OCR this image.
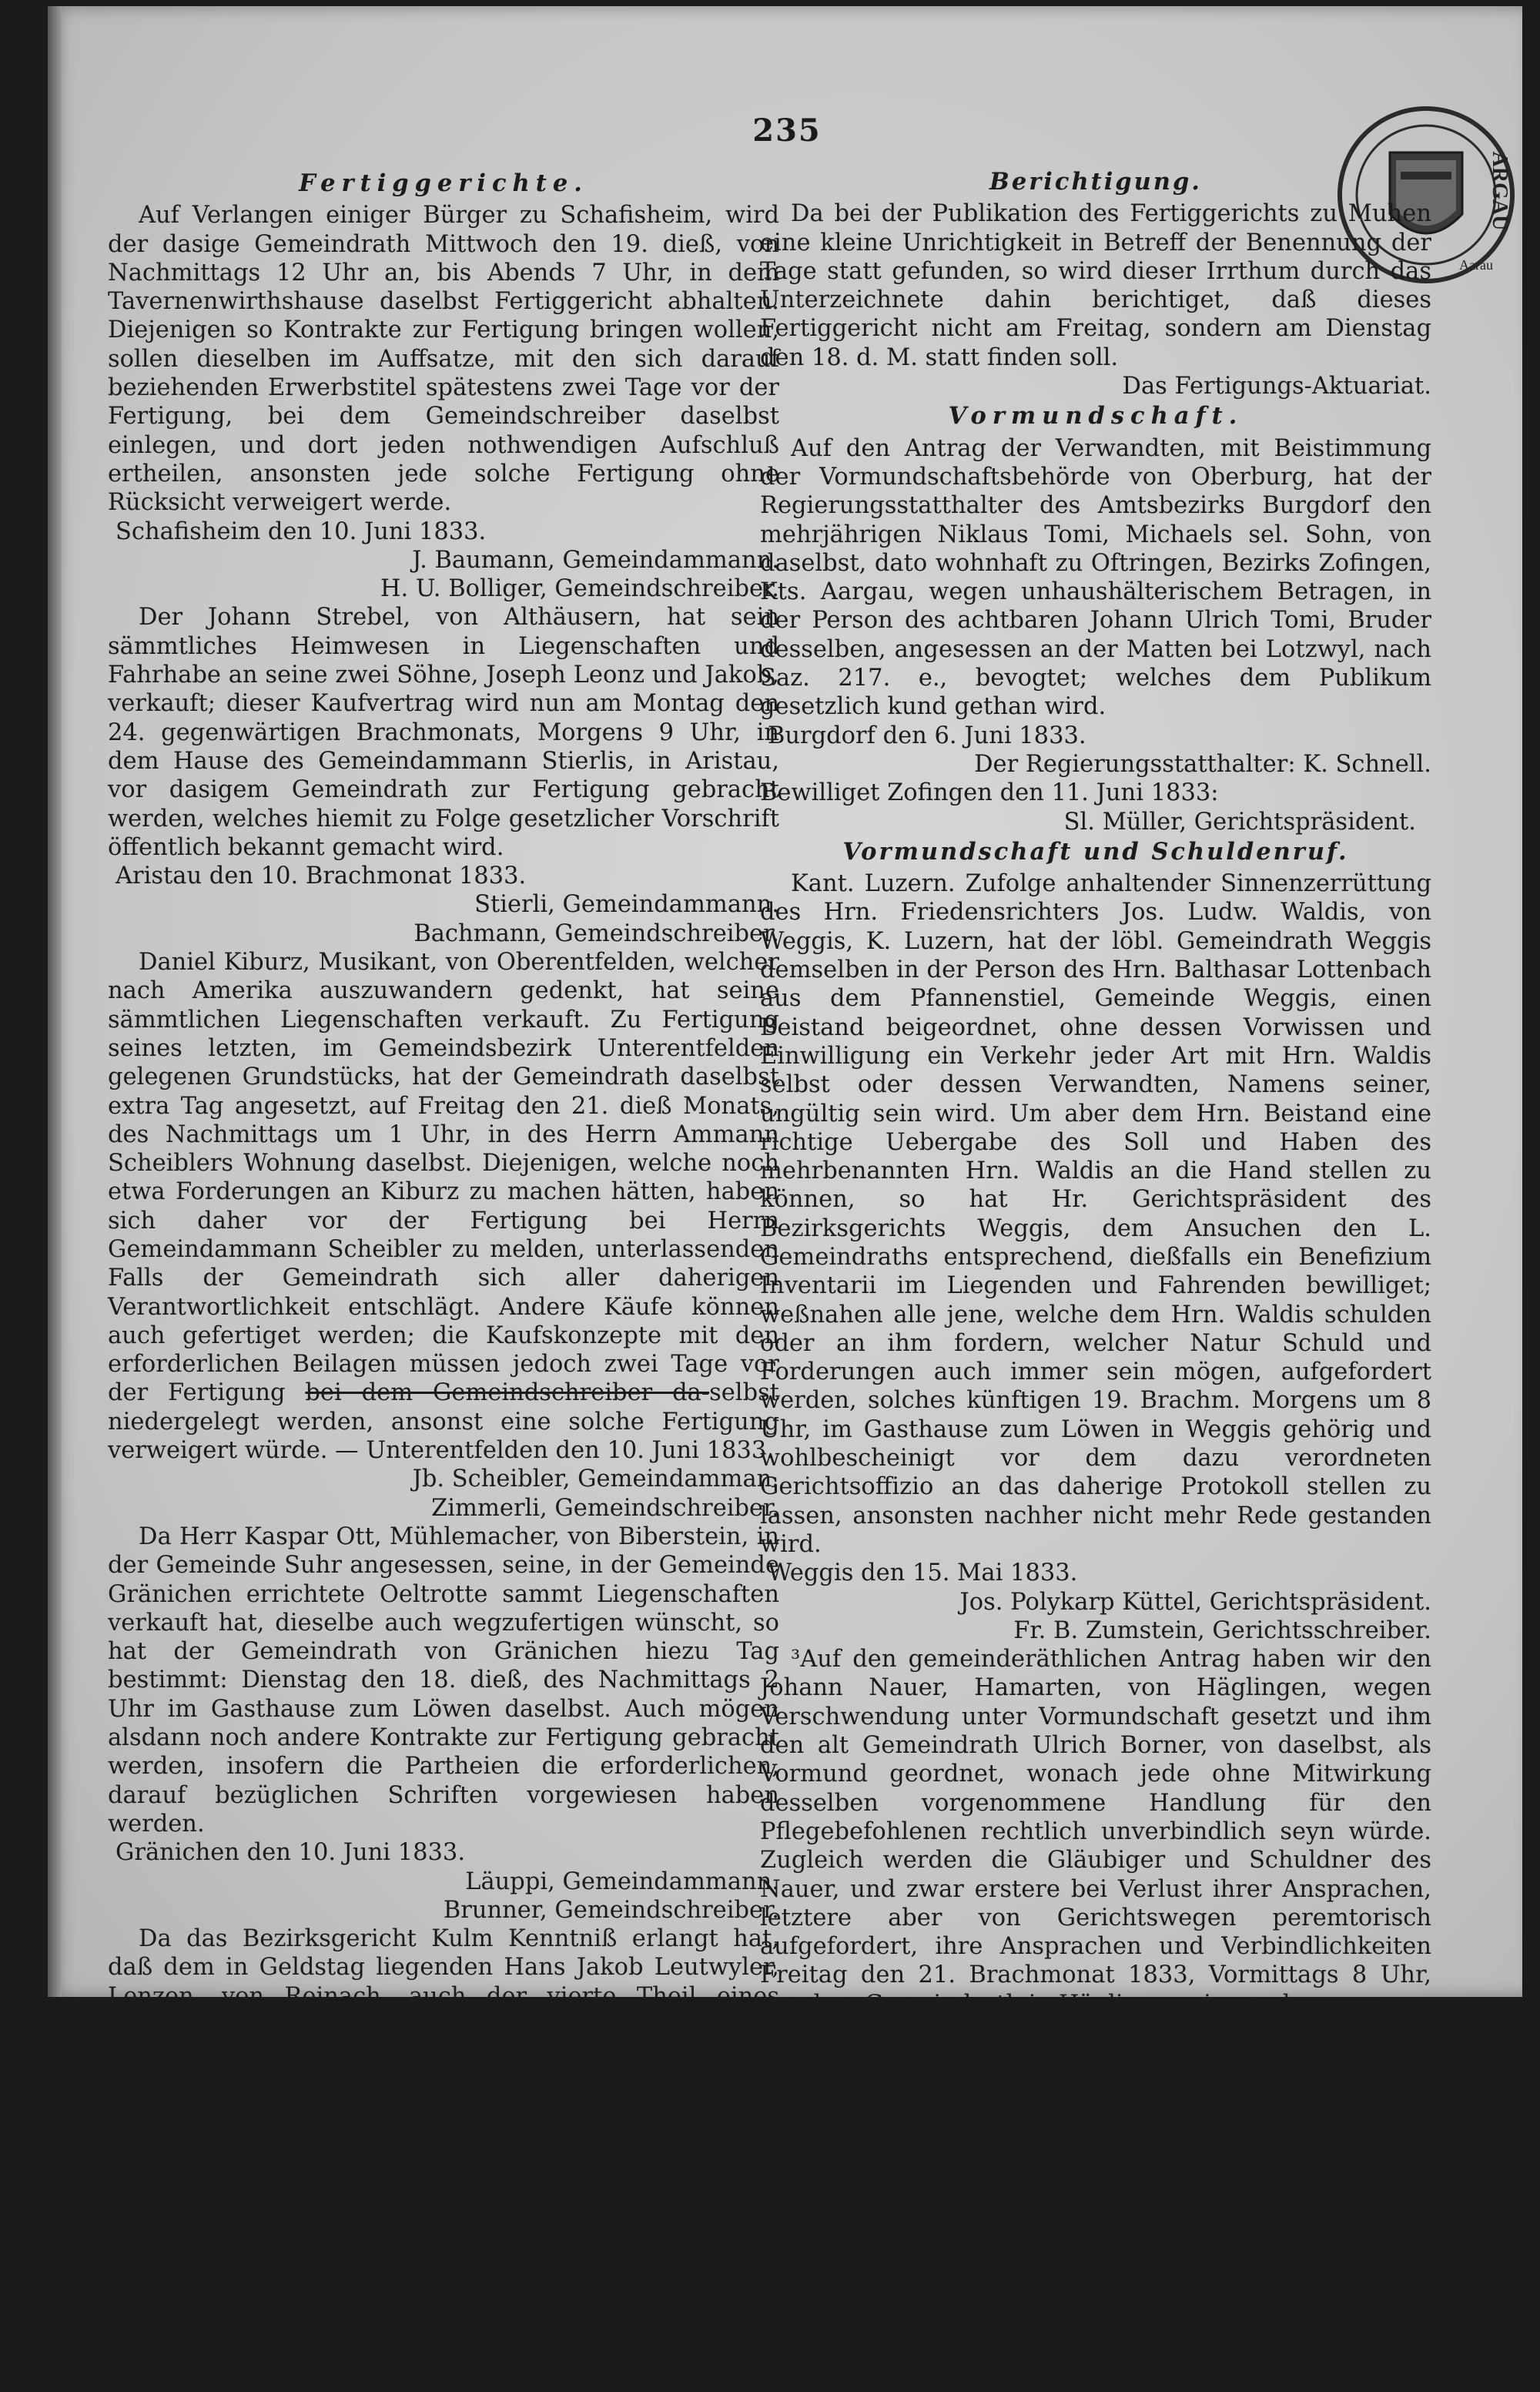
235
ARGAU
Aarau
Fertiggerichte.

Auf Verlangen einiger Bürger zu Schafisheim, wird der dasige Gemeindrath Mittwoch den 19. dieß, von Nachmittags 12 Uhr an, bis Abends 7 Uhr, in dem Tavernenwirthshause daselbst Fertiggericht abhalten. Diejenigen so Kontrakte zur Fertigung bringen wollen, sollen dieselben im Auffsatze, mit den sich darauf beziehenden Erwerbstitel spätestens zwei Tage vor der Fertigung, bei dem Gemeindschreiber daselbst einlegen, und dort jeden nothwendigen Aufschluß ertheilen, ansonsten jede solche Fertigung ohne Rücksicht verweigert werde.

Schafisheim den 10. Juni 1833.

J. Baumann, Gemeindammann.

H. U. Bolliger, Gemeindschreiber.

Der Johann Strebel, von Althäusern, hat sein sämmtliches Heimwesen in Liegenschaften und Fahrhabe an seine zwei Söhne, Joseph Leonz und Jakob, verkauft; dieser Kaufvertrag wird nun am Montag den 24. gegenwärtigen Brachmonats, Morgens 9 Uhr, in dem Hause des Gemeindammann Stierlis, in Aristau, vor dasigem Gemeindrath zur Fertigung gebracht werden, welches hiemit zu Folge gesetzlicher Vorschrift öffentlich bekannt gemacht wird.

Aristau den 10. Brachmonat 1833.

Stierli, Gemeindammann.

Bachmann, Gemeindschreiber.

Daniel Kiburz, Musikant, von Oberentfelden, welcher nach Amerika auszuwandern gedenkt, hat seine sämmtlichen Liegenschaften verkauft. Zu Fertigung seines letzten, im Gemeindsbezirk Unterentfelden gelegenen Grundstücks, hat der Gemeindrath daselbst extra Tag angesetzt, auf Freitag den 21. dieß Monats, des Nachmittags um 1 Uhr, in des Herrn Ammann Scheiblers Wohnung daselbst. Diejenigen, welche noch etwa Forderungen an Kiburz zu machen hätten, haben sich daher vor der Fertigung bei Herrn Gemeindammann Scheibler zu melden, unterlassenden Falls der Gemeindrath sich aller daherigen Verantwortlichkeit entschlägt. Andere Käufe können auch gefertiget werden; die Kaufskonzepte mit den erforderlichen Beilagen müssen jedoch zwei Tage vor der Fertigung bei dem Gemeindschreiber da-selbst niedergelegt werden, ansonst eine solche Fertigung verweigert würde. — Unterentfelden den 10. Juni 1833.

Jb. Scheibler, Gemeindamman.

Zimmerli, Gemeindschreiber.

Da Herr Kaspar Ott, Mühlemacher, von Biberstein, in der Gemeinde Suhr angesessen, seine, in der Gemeinde Gränichen errichtete Oeltrotte sammt Liegenschaften verkauft hat, dieselbe auch wegzufertigen wünscht, so hat der Gemeindrath von Gränichen hiezu Tag bestimmt: Dienstag den 18. dieß, des Nachmittags 2 Uhr im Gasthause zum Löwen daselbst. Auch mögen alsdann noch andere Kontrakte zur Fertigung gebracht werden, insofern die Partheien die erforderlichen, darauf bezüglichen Schriften vorgewiesen haben werden.

Gränichen den 10. Juni 1833.

Läuppi, Gemeindammann.

Brunner, Gemeindschreiber.

Da das Bezirksgericht Kulm Kenntniß erlangt hat, daß dem in Geldstag liegenden Hans Jakob Leutwyler, Lenzen, von Reinach, auch der vierte Theil eines verkauften Hauses zugehöre, dessen Fertigung verlangt wird, so wird dieses mit der Aufforderung bekannt gemacht, daß diejenigen, welche gesinnet sind, gegen diese Fertigung eine Einwendung zu formiren, solche bis Samstag den 22. l. M. der Gerichtskanzlei Kulm einreichen sollen, widrigen Falls die bemeldte Fertigung im Namen der Geldstagsmasse des Leutwyler gerichtlich zugegeben werden wird.

Kulm den 10. Juni 1833.

Hegnauer, Gerichtspräsident.

L. Berner, Gerichtsschreiber.

Berichtigung.

Da bei der Publikation des Fertiggerichts zu Muhen eine kleine Unrichtigkeit in Betreff der Benennung der Tage statt gefunden, so wird dieser Irrthum durch das Unterzeichnete dahin berichtiget, daß dieses Fertiggericht nicht am Freitag, sondern am Dienstag den 18. d. M. statt finden soll.

Das Fertigungs-Aktuariat.

Vormundschaft.

Auf den Antrag der Verwandten, mit Beistimmung der Vormundschaftsbehörde von Oberburg, hat der Regierungsstatthalter des Amtsbezirks Burgdorf den mehrjährigen Niklaus Tomi, Michaels sel. Sohn, von daselbst, dato wohnhaft zu Oftringen, Bezirks Zofingen, Kts. Aargau, wegen unhaushälterischem Betragen, in der Person des achtbaren Johann Ulrich Tomi, Bruder desselben, angesessen an der Matten bei Lotzwyl, nach Saz. 217. e., bevogtet; welches dem Publikum gesetzlich kund gethan wird.

Burgdorf den 6. Juni 1833.

Der Regierungsstatthalter: K. Schnell.

Bewilliget Zofingen den 11. Juni 1833:

Sl. Müller, Gerichtspräsident.

Vormundschaft und Schuldenruf.

Kant. Luzern. Zufolge anhaltender Sinnenzerrüttung des Hrn. Friedensrichters Jos. Ludw. Waldis, von Weggis, K. Luzern, hat der löbl. Gemeindrath Weggis demselben in der Person des Hrn. Balthasar Lottenbach aus dem Pfannenstiel, Gemeinde Weggis, einen Beistand beigeordnet, ohne dessen Vorwissen und Einwilligung ein Verkehr jeder Art mit Hrn. Waldis selbst oder dessen Verwandten, Namens seiner, ungültig sein wird. Um aber dem Hrn. Beistand eine richtige Uebergabe des Soll und Haben des mehrbenannten Hrn. Waldis an die Hand stellen zu können, so hat Hr. Gerichtspräsident des Bezirksgerichts Weggis, dem Ansuchen den L. Gemeindraths entsprechend, dießfalls ein Benefizium Inventarii im Liegenden und Fahrenden bewilliget; weßnahen alle jene, welche dem Hrn. Waldis schulden oder an ihm fordern, welcher Natur Schuld und Forderungen auch immer sein mögen, aufgefordert werden, solches künftigen 19. Brachm. Morgens um 8 Uhr, im Gasthause zum Löwen in Weggis gehörig und wohlbescheinigt vor dem dazu verordneten Gerichtsoffizio an das daherige Protokoll stellen zu lassen, ansonsten nachher nicht mehr Rede gestanden wird.

Weggis den 15. Mai 1833.

Jos. Polykarp Küttel, Gerichtspräsident.

Fr. B. Zumstein, Gerichtsschreiber.

³Auf den gemeinderäthlichen Antrag haben wir den Johann Nauer, Hamarten, von Häglingen, wegen Verschwendung unter Vormundschaft gesetzt und ihm den alt Gemeindrath Ulrich Borner, von daselbst, als Vormund geordnet, wonach jede ohne Mitwirkung desselben vorgenommene Handlung für den Pflegebefohlenen rechtlich unverbindlich seyn würde. Zugleich werden die Gläubiger und Schuldner des Nauer, und zwar erstere bei Verlust ihrer Ansprachen, letztere aber von Gerichtswegen peremtorisch aufgefordert, ihre Ansprachen und Verbindlichkeiten Freitag den 21. Brachmonat 1833, Vormittags 8 Uhr, vor dem Gemeindrath in Häglingen einzugeben.

Bremgarten den 24. Mai 1833.

F. J. Weißenbach Vicegerichtspräsident.

J. Ruepp, Gerichtsschreiber.

³Auf den Vorschlag des Gemeindraths von Sarmenstorf haben wir den Philipp Müller, von Sarmenstorf, als Vormund des sich freiwillig unter die waisenamtliche Obsorge begebenen Johann Köchli, älter, von daselbst, bestätiget. Indem diese Vormundschaft zu Jedermanns Verhalt bekannt gemacht wird, werden die Gläubiger und Schuldner des Büchli peremtorisch aufgefordert, und zwar erstere bei Verlust ihrer Ansprachen und letztere von Gerichtswegen
